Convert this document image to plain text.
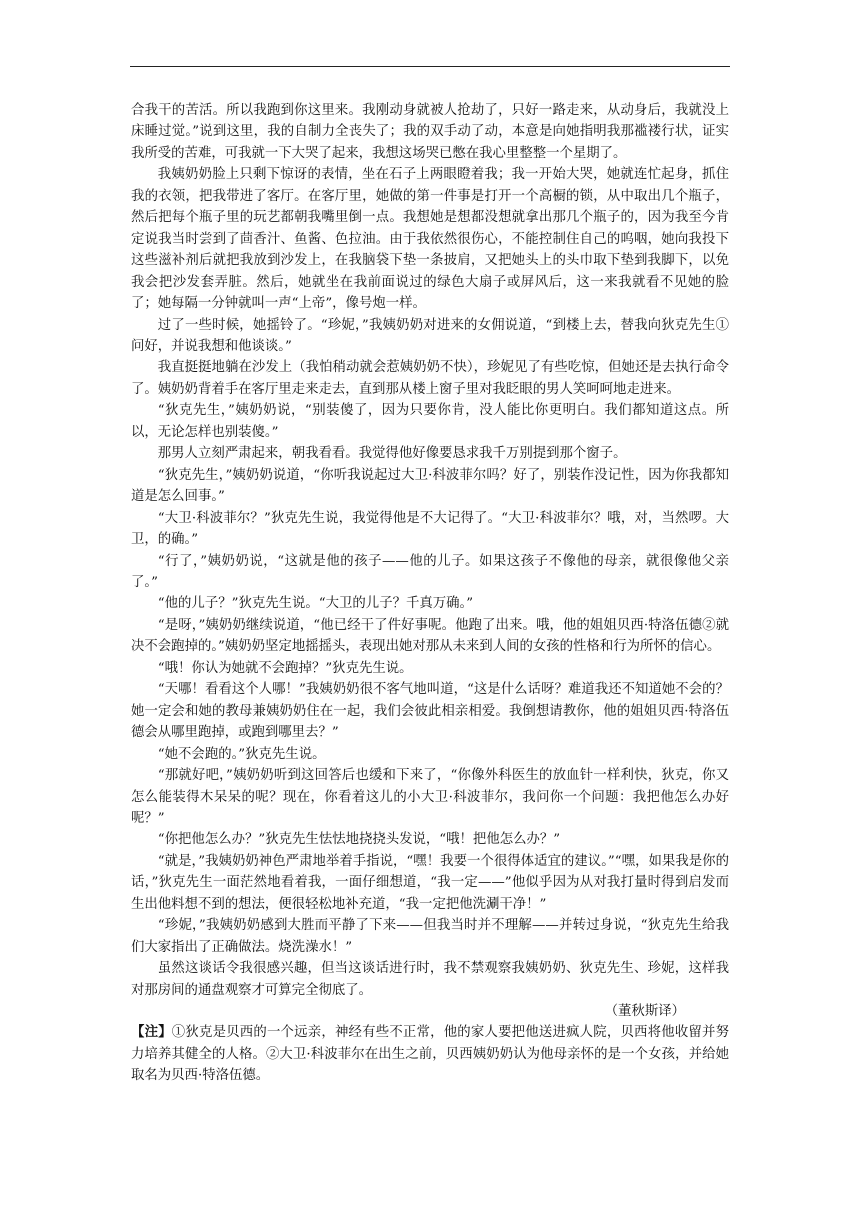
合我干的苦活。所以我跑到你这里来。我刚动身就被人抢劫了，只好一路走来，从动身后，我就没上床睡过觉。”说到这里，我的自制力全丧失了；我的双手动了动，本意是向她指明我那褴褛行状，证实我所受的苦难，可我就一下大哭了起来，我想这场哭已憋在我心里整整一个星期了。

我姨奶奶脸上只剩下惊讶的表情，坐在石子上两眼瞪着我；我一开始大哭，她就连忙起身，抓住我的衣领，把我带进了客厅。在客厅里，她做的第一件事是打开一个高橱的锁，从中取出几个瓶子，然后把每个瓶子里的玩艺都朝我嘴里倒一点。我想她是想都没想就拿出那几个瓶子的，因为我至今肯定说我当时尝到了茴香汁、鱼酱、色拉油。由于我依然很伤心，不能控制住自己的呜咽，她向我投下这些滋补剂后就把我放到沙发上，在我脑袋下垫一条披肩，又把她头上的头巾取下垫到我脚下，以免我会把沙发套弄脏。然后，她就坐在我前面说过的绿色大扇子或屏风后，这一来我就看不见她的脸了；她每隔一分钟就叫一声“上帝”，像号炮一样。

过了一些时候，她摇铃了。“珍妮，”我姨奶奶对进来的女佣说道，“到楼上去，替我向狄克先生①问好，并说我想和他谈谈。”

我直挺挺地躺在沙发上（我怕稍动就会惹姨奶奶不快），珍妮见了有些吃惊，但她还是去执行命令了。姨奶奶背着手在客厅里走来走去，直到那从楼上窗子里对我眨眼的男人笑呵呵地走进来。

“狄克先生，”姨奶奶说，“别装傻了，因为只要你肯，没人能比你更明白。我们都知道这点。所以，无论怎样也别装傻。”

那男人立刻严肃起来，朝我看看。我觉得他好像要恳求我千万别提到那个窗子。

“狄克先生，”姨奶奶说道，“你听我说起过大卫·科波菲尔吗？好了，别装作没记性，因为你我都知道是怎么回事。”

“大卫·科波菲尔？”狄克先生说，我觉得他是不大记得了。“大卫·科波菲尔？哦，对，当然啰。大卫，的确。”

“行了，”姨奶奶说，“这就是他的孩子——他的儿子。如果这孩子不像他的母亲，就很像他父亲了。”

“他的儿子？”狄克先生说。“大卫的儿子？千真万确。”

“是呀，”姨奶奶继续说道，“他已经干了件好事呢。他跑了出来。哦，他的姐姐贝西·特洛伍德②就决不会跑掉的。”姨奶奶坚定地摇摇头，表现出她对那从未来到人间的女孩的性格和行为所怀的信心。

“哦！你认为她就不会跑掉？”狄克先生说。

“天哪！看看这个人哪！”我姨奶奶很不客气地叫道，“这是什么话呀？难道我还不知道她不会的？她一定会和她的教母兼姨奶奶住在一起，我们会彼此相亲相爱。我倒想请教你，他的姐姐贝西·特洛伍德会从哪里跑掉，或跑到哪里去？”

“她不会跑的。”狄克先生说。

“那就好吧，”姨奶奶听到这回答后也缓和下来了，“你像外科医生的放血针一样利快，狄克，你又怎么能装得木呆呆的呢？现在，你看着这儿的小大卫·科波菲尔，我问你一个问题：我把他怎么办好呢？”

“你把他怎么办？”狄克先生怯怯地挠挠头发说，“哦！把他怎么办？”

“就是，”我姨奶奶神色严肃地举着手指说，“嘿！我要一个很得体适宜的建议。”“嘿，如果我是你的话，”狄克先生一面茫然地看着我，一面仔细想道，“我一定——”他似乎因为从对我打量时得到启发而生出他料想不到的想法，便很轻松地补充道，“我一定把他洗涮干净！”

“珍妮，”我姨奶奶感到大胜而平静了下来——但我当时并不理解——并转过身说，“狄克先生给我们大家指出了正确做法。烧洗澡水！”

虽然这谈话令我很感兴趣，但当这谈话进行时，我不禁观察我姨奶奶、狄克先生、珍妮，这样我对那房间的通盘观察才可算完全彻底了。

（董秋斯译）

【注】①狄克是贝西的一个远亲，神经有些不正常，他的家人要把他送进疯人院，贝西将他收留并努力培养其健全的人格。②大卫·科波菲尔在出生之前，贝西姨奶奶认为他母亲怀的是一个女孩，并给她取名为贝西·特洛伍德。
